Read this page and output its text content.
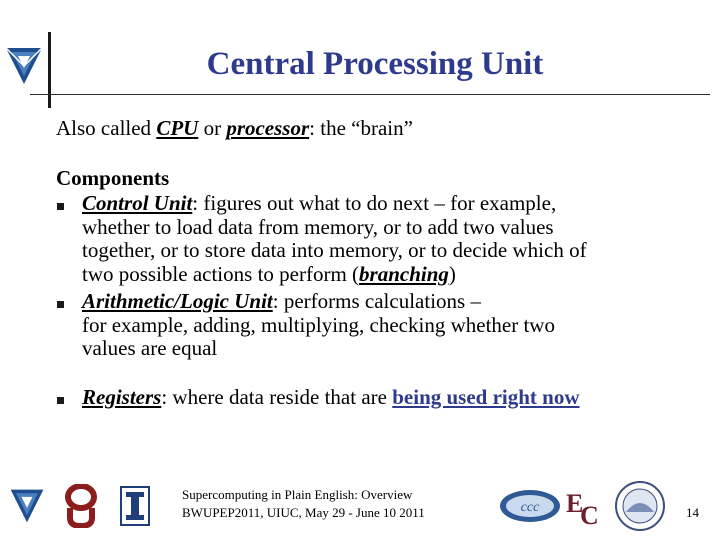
Central Processing Unit
Also called CPU or processor: the “brain”
Components
Control Unit: figures out what to do next – for example,
whether to load data from memory, or to add two values
together, or to store data into memory, or to decide which of
two possible actions to perform (branching)
Arithmetic/Logic Unit: performs calculations –
for example, adding, multiplying, checking whether two
values are equal
Registers: where data reside that are being used right now
Supercomputing in Plain English: Overview
BWUPEP2011, UIUC, May 29 - June 10 2011	ccc E
C	14
